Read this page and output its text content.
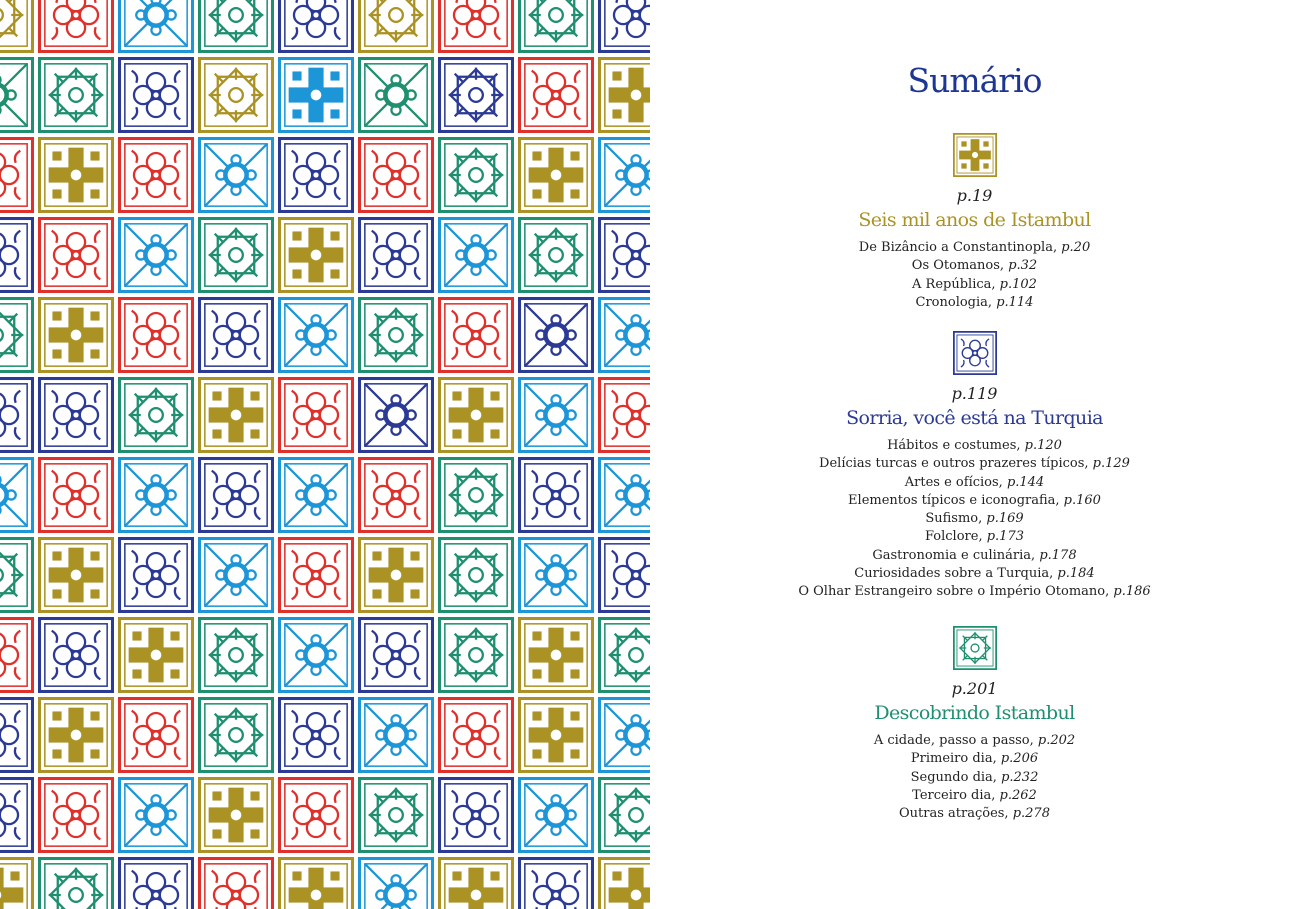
Sumário
p.19
Seis mil anos de Istambul
De Bizâncio a Constantinopla, p.20
Os Otomanos, p.32
A República, p.102
Cronologia, p.114
p.119
Sorria, você está na Turquia
Hábitos e costumes, p.120
Delícias turcas e outros prazeres típicos, p.129
Artes e ofícios, p.144
Elementos típicos e iconografia, p.160
Sufismo, p.169
Folclore, p.173
Gastronomia e culinária, p.178
Curiosidades sobre a Turquia, p.184
O Olhar Estrangeiro sobre o Império Otomano, p.186
p.201
Descobrindo Istambul
A cidade, passo a passo, p.202
Primeiro dia, p.206
Segundo dia, p.232
Terceiro dia, p.262
Outras atrações, p.278
